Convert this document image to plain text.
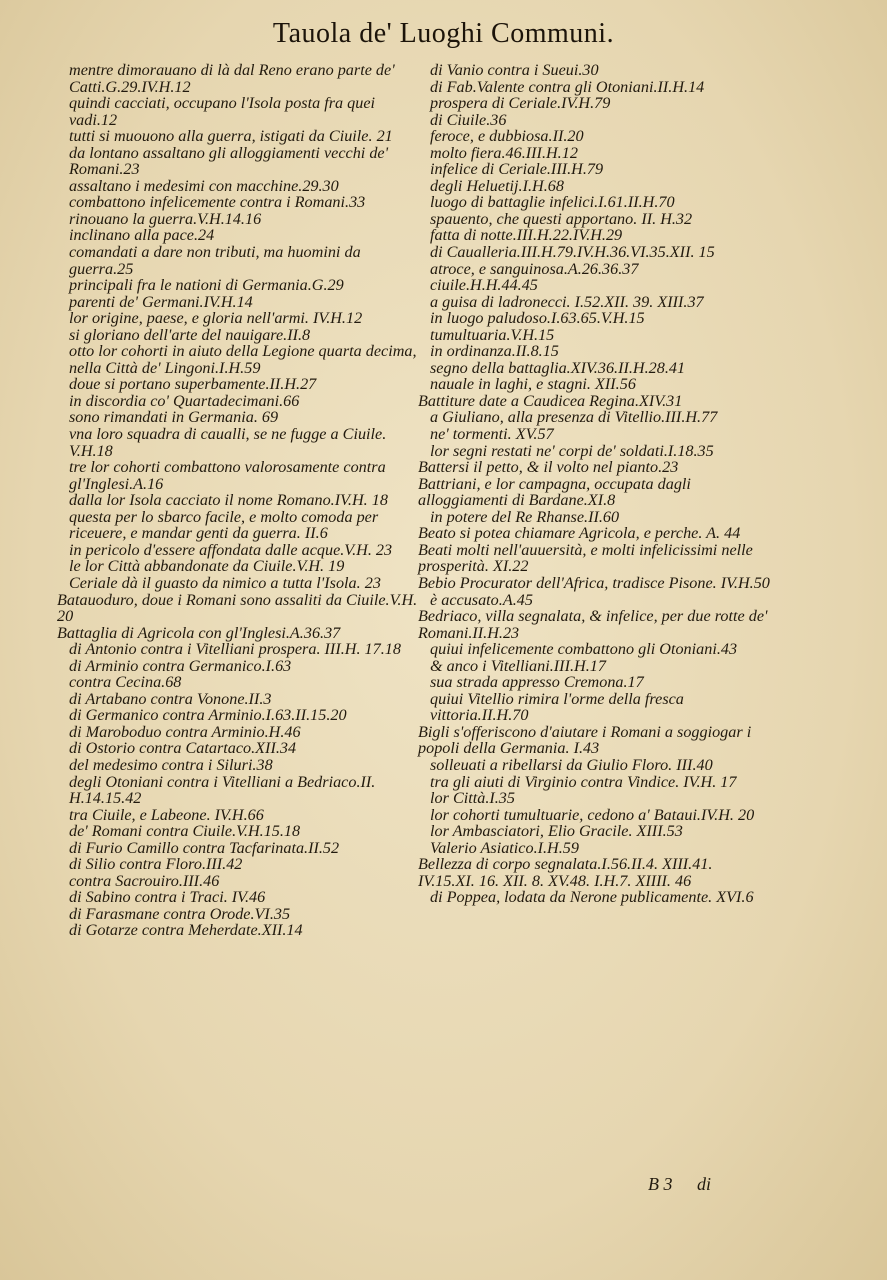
Tauola de' Luoghi Communi.

mentre dimorauano di là dal Reno erano parte de' Catti.G.29.IV.H.12

quindi cacciati, occupano l'Isola posta fra quei vadi.12

tutti si muouono alla guerra, istigati da Ciuile. 21

da lontano assaltano gli alloggiamenti vecchi de' Romani.23

assaltano i medesimi con macchine.29.30

combattono infelicemente contra i Romani.33

rinouano la guerra.V.H.14.16

inclinano alla pace.24

comandati a dare non tributi, ma huomini da guerra.25

principali fra le nationi di Germania.G.29

parenti de' Germani.IV.H.14

lor origine, paese, e gloria nell'armi. IV.H.12

si gloriano dell'arte del nauigare.II.8

otto lor cohorti in aiuto della Legione quarta decima, nella Città de' Lingoni.I.H.59

doue si portano superbamente.II.H.27

in discordia co' Quartadecimani.66

sono rimandati in Germania. 69

vna loro squadra di caualli, se ne fugge a Ciuile. V.H.18

tre lor cohorti combattono valorosamente contra gl'Inglesi.A.16

dalla lor Isola cacciato il nome Romano.IV.H. 18

questa per lo sbarco facile, e molto comoda per riceuere, e mandar genti da guerra. II.6

in pericolo d'essere affondata dalle acque.V.H. 23

le lor Città abbandonate da Ciuile.V.H. 19

Ceriale dà il guasto da nimico a tutta l'Isola. 23

Batauoduro, doue i Romani sono assaliti da Ciuile.V.H. 20

Battaglia di Agricola con gl'Inglesi.A.36.37

di Antonio contra i Vitelliani prospera. III.H. 17.18

di Arminio contra Germanico.I.63

contra Cecina.68

di Artabano contra Vonone.II.3

di Germanico contra Arminio.I.63.II.15.20

di Maroboduo contra Arminio.H.46

di Ostorio contra Catartaco.XII.34

del medesimo contra i Siluri.38

degli Otoniani contra i Vitelliani a Bedriaco.II. H.14.15.42

tra Ciuile, e Labeone. IV.H.66

de' Romani contra Ciuile.V.H.15.18

di Furio Camillo contra Tacfarinata.II.52

di Silio contra Floro.III.42

contra Sacrouiro.III.46

di Sabino contra i Traci. IV.46

di Farasmane contra Orode.VI.35

di Gotarze contra Meherdate.XII.14

di Vanio contra i Sueui.30

di Fab.Valente contra gli Otoniani.II.H.14

prospera di Ceriale.IV.H.79

di Ciuile.36

feroce, e dubbiosa.II.20

molto fiera.46.III.H.12

infelice di Ceriale.III.H.79

degli Heluetij.I.H.68

luogo di battaglie infelici.I.61.II.H.70

spauento, che questi apportano. II. H.32

fatta di notte.III.H.22.IV.H.29

di Caualleria.III.H.79.IV.H.36.VI.35.XII. 15

atroce, e sanguinosa.A.26.36.37

ciuile.H.H.44.45

a guisa di ladronecci. I.52.XII. 39. XIII.37

in luogo paludoso.I.63.65.V.H.15

tumultuaria.V.H.15

in ordinanza.II.8.15

segno della battaglia.XIV.36.II.H.28.41

nauale in laghi, e stagni. XII.56

Battiture date a Caudicea Regina.XIV.31

a Giuliano, alla presenza di Vitellio.III.H.77

ne' tormenti. XV.57

lor segni restati ne' corpi de' soldati.I.18.35

Battersi il petto, & il volto nel pianto.23

Battriani, e lor campagna, occupata dagli alloggiamenti di Bardane.XI.8

in potere del Re Rhanse.II.60

Beato si potea chiamare Agricola, e perche. A. 44

Beati molti nell'auuersità, e molti infelicissimi nelle prosperità. XI.22

Bebio Procurator dell'Africa, tradisce Pisone. IV.H.50

è accusato.A.45

Bedriaco, villa segnalata, & infelice, per due rotte de' Romani.II.H.23

quiui infelicemente combattono gli Otoniani.43

& anco i Vitelliani.III.H.17

sua strada appresso Cremona.17

quiui Vitellio rimira l'orme della fresca vittoria.II.H.70

Bigli s'offeriscono d'aiutare i Romani a soggiogar i popoli della Germania. I.43

solleuati a ribellarsi da Giulio Floro. III.40

tra gli aiuti di Virginio contra Vindice. IV.H. 17

lor Città.I.35

lor cohorti tumultuarie, cedono a' Bataui.IV.H. 20

lor Ambasciatori, Elio Gracile. XIII.53

Valerio Asiatico.I.H.59

Bellezza di corpo segnalata.I.56.II.4. XIII.41. IV.15.XI. 16. XII. 8. XV.48. I.H.7. XIIII. 46

di Poppea, lodata da Nerone publicamente. XVI.6

B 3 di
